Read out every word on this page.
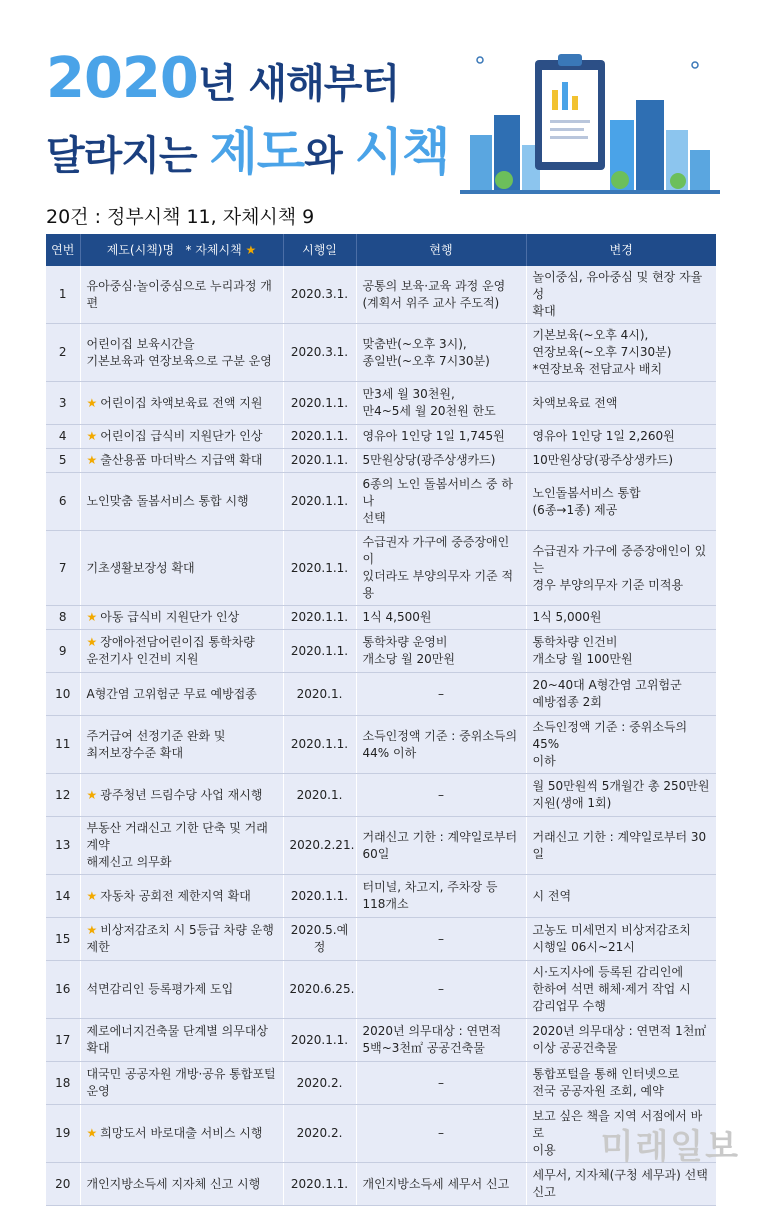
2020년 새해부터
달라지는 제도와 시책
20건 : 정부시책 11, 자체시책 9
연번	제도(시책)명 * 자체시책 ★	시행일	현행	변경
1	유아중심·놀이중심으로 누리과정 개편	2020.3.1.	공통의 보육·교육 과정 운영
(계획서 위주 교사 주도적)	놀이중심, 유아중심 및 현장 자율성
확대
2	어린이집 보육시간을
기본보육과 연장보육으로 구분 운영	2020.3.1.	맞춤반(~오후 3시),
종일반(~오후 7시30분)	기본보육(~오후 4시),
연장보육(~오후 7시30분)
*연장보육 전담교사 배치
3	★ 어린이집 차액보육료 전액 지원	2020.1.1.	만3세 월 30천원,
만4~5세 월 20천원 한도	차액보육료 전액
4	★ 어린이집 급식비 지원단가 인상	2020.1.1.	영유아 1인당 1일 1,745원	영유아 1인당 1일 2,260원
5	★ 출산용품 마더박스 지급액 확대	2020.1.1.	5만원상당(광주상생카드)	10만원상당(광주상생카드)
6	노인맞춤 돌봄서비스 통합 시행	2020.1.1.	6종의 노인 돌봄서비스 중 하나
선택	노인돌봄서비스 통합
(6종→1종) 제공
7	기초생활보장성 확대	2020.1.1.	수급권자 가구에 중증장애인이
있더라도 부양의무자 기준 적용	수급권자 가구에 중증장애인이 있는
경우 부양의무자 기준 미적용
8	★ 아동 급식비 지원단가 인상	2020.1.1.	1식 4,500원	1식 5,000원
9	★ 장애아전담어린이집 통학차량
운전기사 인건비 지원	2020.1.1.	통학차량 운영비
개소당 월 20만원	통학차량 인건비
개소당 월 100만원
10	A형간염 고위험군 무료 예방접종	2020.1.	–	20~40대 A형간염 고위험군
예방접종 2회
11	주거급여 선정기준 완화 및
최저보장수준 확대	2020.1.1.	소득인정액 기준 : 중위소득의
44% 이하	소득인정액 기준 : 중위소득의 45%
이하
12	★ 광주청년 드림수당 사업 재시행	2020.1.	–	월 50만원씩 5개월간 총 250만원
지원(생애 1회)
13	부동산 거래신고 기한 단축 및 거래계약
해제신고 의무화	2020.2.21.	거래신고 기한 : 계약일로부터
60일	거래신고 기한 : 계약일로부터 30일
14	★ 자동차 공회전 제한지역 확대	2020.1.1.	터미널, 차고지, 주차장 등
118개소	시 전역
15	★ 비상저감조치 시 5등급 차량 운행
제한	2020.5.예정	–	고농도 미세먼지 비상저감조치
시행일 06시~21시
16	석면감리인 등록평가제 도입	2020.6.25.	–	시·도지사에 등록된 감리인에
한하여 석면 해체·제거 작업 시
감리업무 수행
17	제로에너지건축물 단계별 의무대상
확대	2020.1.1.	2020년 의무대상 : 연면적
5백~3천㎡ 공공건축물	2020년 의무대상 : 연면적 1천㎡
이상 공공건축물
18	대국민 공공자원 개방·공유 통합포털
운영	2020.2.	–	통합포털을 통해 인터넷으로
전국 공공자원 조회, 예약
19	★ 희망도서 바로대출 서비스 시행	2020.2.	–	보고 싶은 책을 지역 서점에서 바로
이용
20	개인지방소득세 지자체 신고 시행	2020.1.1.	개인지방소득세 세무서 신고	세무서, 지자체(구청 세무과) 선택
신고
미래일보
